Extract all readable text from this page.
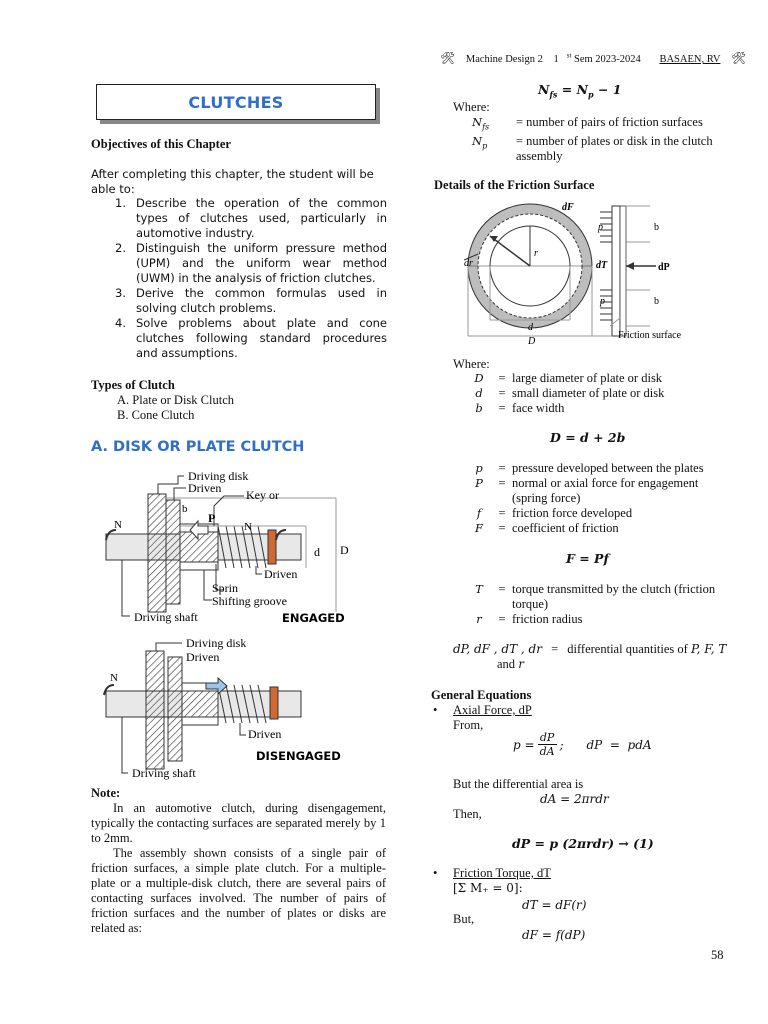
🛠 Machine Design 2 1 $^{st}$ Sem 2023-2024 BASAEN, RV 🛠
CLUTCHES
Objectives of this Chapter
After completing this chapter, the student will be able to:
1. Describe the operation of the common types of clutches used, particularly in automotive industry.
2. Distinguish the uniform pressure method (UPM) and the uniform wear method (UWM) in the analysis of friction clutches.
3. Derive the common formulas used in solving clutch problems.
4. Solve problems about plate and cone clutches following standard procedures and assumptions.
Types of Clutch
A. Plate or Disk Clutch
B. Cone Clutch
A. DISK OR PLATE CLUTCH
Driving disk
Driven Key or
b
P
N	N
d D
Driven
Sprin
Shifting groove
Driving shaft	ENGAGED
Driving disk
Driven
N
Driven
DISENGAGED
Driving shaft
Note:
In an automotive clutch, during disengagement, typically the contacting surfaces are separated merely by 1 to 2mm.
The assembly shown consists of a single pair of friction surfaces, a simple plate clutch. For a multiple-plate or a multiple-disk clutch, there are several pairs of contacting surfaces involved. The number of pairs of friction surfaces and the number of plates or disks are related as:
$N_{fs} = N_p - 1$
Where:
$N_{fs}$	= number of pairs of friction surfaces
$N_p$	= number of plates or disk in the clutch assembly
Details of the Friction Surface
dF
p	b
dr
r
dT	dP
p	b
d
D
Friction surface
Where:
D	= large diameter of plate or disk
d	= small diameter of plate or disk
b	= face width
D = d + 2b
p	= pressure developed between the plates
P	= normal or axial force for engagement (spring force)
f	= friction force developed
F	= coefficient of friction
F = Pf
T	= torque transmitted by the clutch (friction torque)
r	= friction radius
dP, dF , dT , dr = differential quantities of P, F, T
and r
General Equations
• Axial Force, dP
From,
$p = \frac{dP}{dA}$ ;      dP  =  pdA
But the differential area is
dA = 2πrdr
Then,
dP = p (2πrdr) → (1)
• Friction Torque, dT
[Σ M₊ = 0]:
dT = dF(r)
But,
dF = f(dP)
58
